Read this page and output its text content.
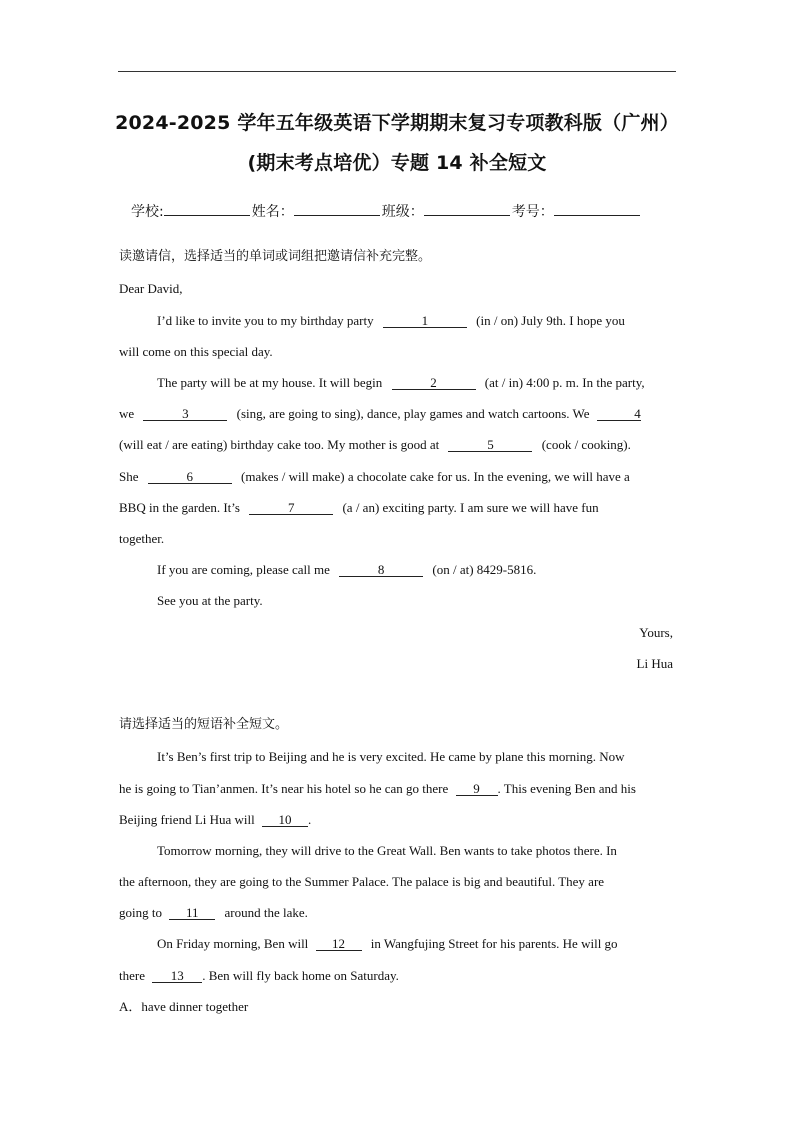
2024-2025 学年五年级英语下学期期末复习专项教科版（广州）
(期末考点培优）专题 14 补全短文
学校:	姓名：	班级：	考号：
读邀请信，选择适当的单词或词组把邀请信补充完整。
Dear David,
I’d like to invite you to my birthday party	1	(in / on) July 9th. I hope you
will come on this special day.
The party will be at my house. It will begin	2	(at / in) 4:00 p. m. In the party,
we	3	(sing, are going to sing), dance, play games and watch cartoons. We	4
(will eat / are eating) birthday cake too. My mother is good at	5	(cook / cooking).
She	6	(makes / will make) a chocolate cake for us. In the evening, we will have a
BBQ in the garden. It’s	7	(a / an) exciting party. I am sure we will have fun
together.
If you are coming, please call me	8	(on / at) 8429-5816.
See you at the party.
Yours,
Li Hua
请选择适当的短语补全短文。
It’s Ben’s first trip to Beijing and he is very excited. He came by plane this morning. Now
he is going to Tian’anmen. It’s near his hotel so he can go there 9 . This evening Ben and his
Beijing friend Li Hua will 10 .
Tomorrow morning, they will drive to the Great Wall. Ben wants to take photos there. In
the afternoon, they are going to the Summer Palace. The palace is big and beautiful. They are
going to 11 around the lake.
On Friday morning, Ben will 12 in Wangfujing Street for his parents. He will go
there 13 . Ben will fly back home on Saturday.
A．have dinner together
